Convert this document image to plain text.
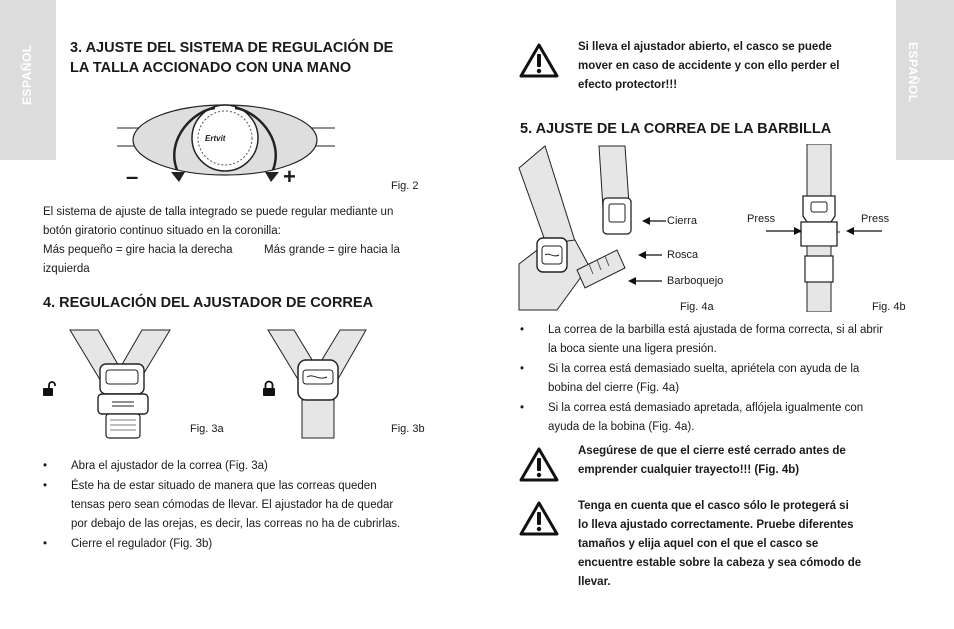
ESPAÑOL	ESPAÑOL

3. AJUSTE DEL SISTEMA DE REGULACIÓN DE

LA TALLA ACCIONADO CON UNA MANO

Ertvit
–	+	Fig. 2
El sistema de ajuste de talla integrado se puede regular mediante un
botón giratorio continuo situado en la coronilla:
Más pequeño = gire hacia la derecha	Más grande = gire hacia la
izquierda

4. REGULACIÓN DEL AJUSTADOR DE CORREA

Fig. 3a	Fig. 3b
• Abra el ajustador de la correa (Fig. 3a)
• Éste ha de estar situado de manera que las correas queden
tensas pero sean cómodas de llevar. El ajustador ha de quedar
por debajo de las orejas, es decir, las correas no ha de cubrirlas.
• Cierre el regulador (Fig. 3b)
Si lleva el ajustador abierto, el casco se puede
mover en caso de accidente y con ello perder el
efecto protector!!!

5. AJUSTE DE LA CORREA DE LA BARBILLA

Cierra
Rosca
Barboquejo
Fig. 4a
Press	Press
Fig. 4b
• La correa de la barbilla está ajustada de forma correcta, si al abrir
la boca siente una ligera presión.
• Si la correa está demasiado suelta, apriételа con ayuda de la
bobina del cierre (Fig. 4a)
• Si la correa está demasiado apretada, aflójela igualmente con
ayuda de la bobina (Fig. 4a).
Asegúrese de que el cierre esté cerrado antes de
emprender cualquier trayecto!!! (Fig. 4b)
Tenga en cuenta que el casco sólo le protegerá si
lo lleva ajustado correctamente. Pruebe diferentes
tamaños y elija aquel con el que el casco se
encuentre estable sobre la cabeza y sea cómodo de
llevar.
